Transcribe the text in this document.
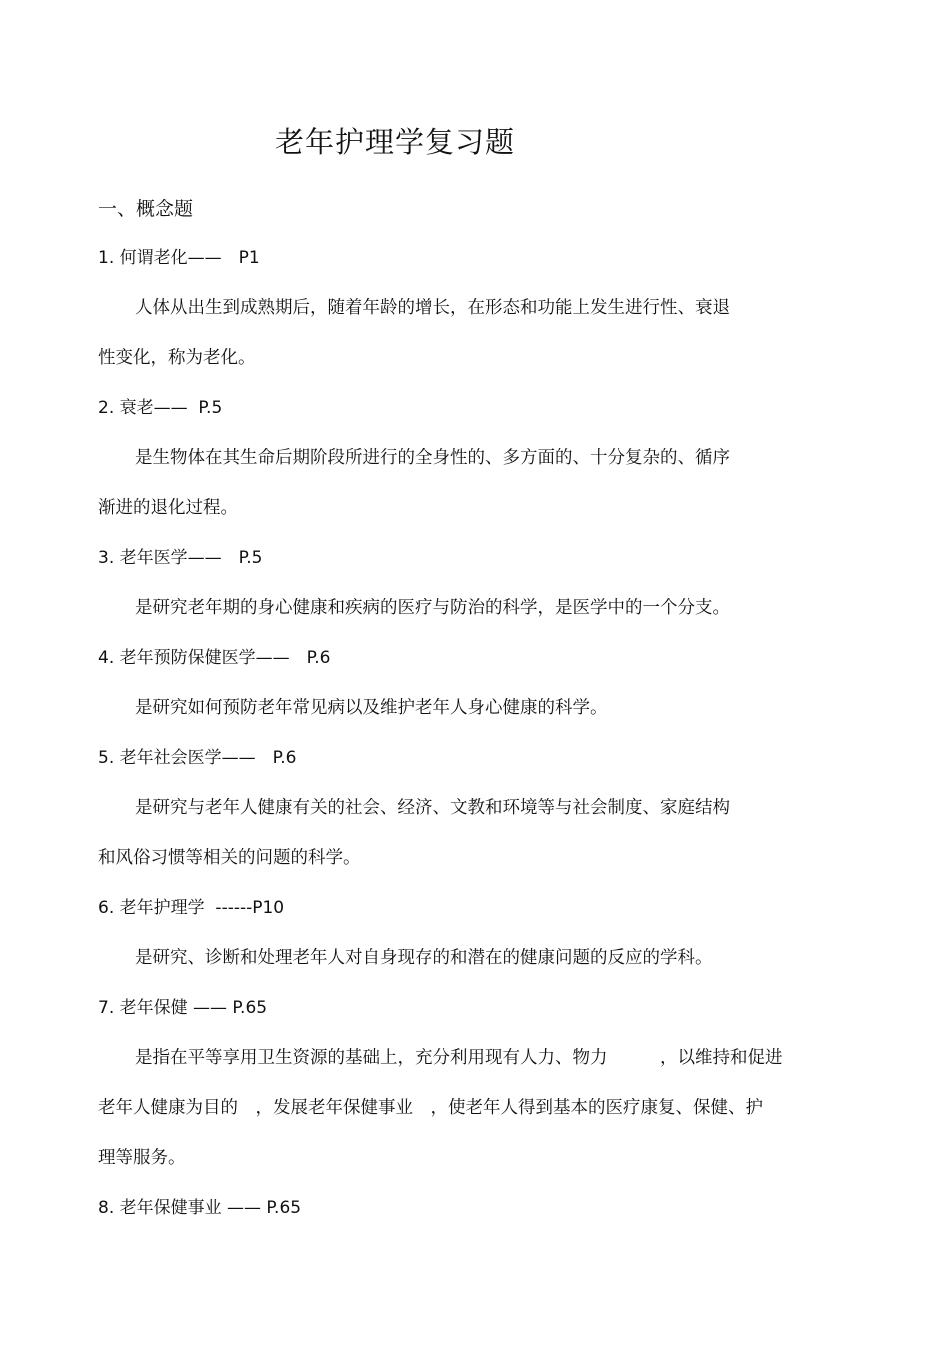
老年护理学复习题
一、概念题
1. 何谓老化——　P1
人体从出生到成熟期后，随着年龄的增长，在形态和功能上发生进行性、衰退
性变化，称为老化。
2. 衰老——  P.5
是生物体在其生命后期阶段所进行的全身性的、多方面的、十分复杂的、循序
渐进的退化过程。
3. 老年医学——　P.5
是研究老年期的身心健康和疾病的医疗与防治的科学，是医学中的一个分支。
4. 老年预防保健医学——　P.6
是研究如何预防老年常见病以及维护老年人身心健康的科学。
5. 老年社会医学——　P.6
是研究与老年人健康有关的社会、经济、文教和环境等与社会制度、家庭结构
和风俗习惯等相关的问题的科学。
6. 老年护理学  ------P10
是研究、诊断和处理老年人对自身现存的和潜在的健康问题的反应的学科。
7. 老年保健 —— P.65
是指在平等享用卫生资源的基础上，充分利用现有人力、物力　　　，以维持和促进
老年人健康为目的　，发展老年保健事业　，使老年人得到基本的医疗康复、保健、护
理等服务。
8. 老年保健事业 —— P.65
